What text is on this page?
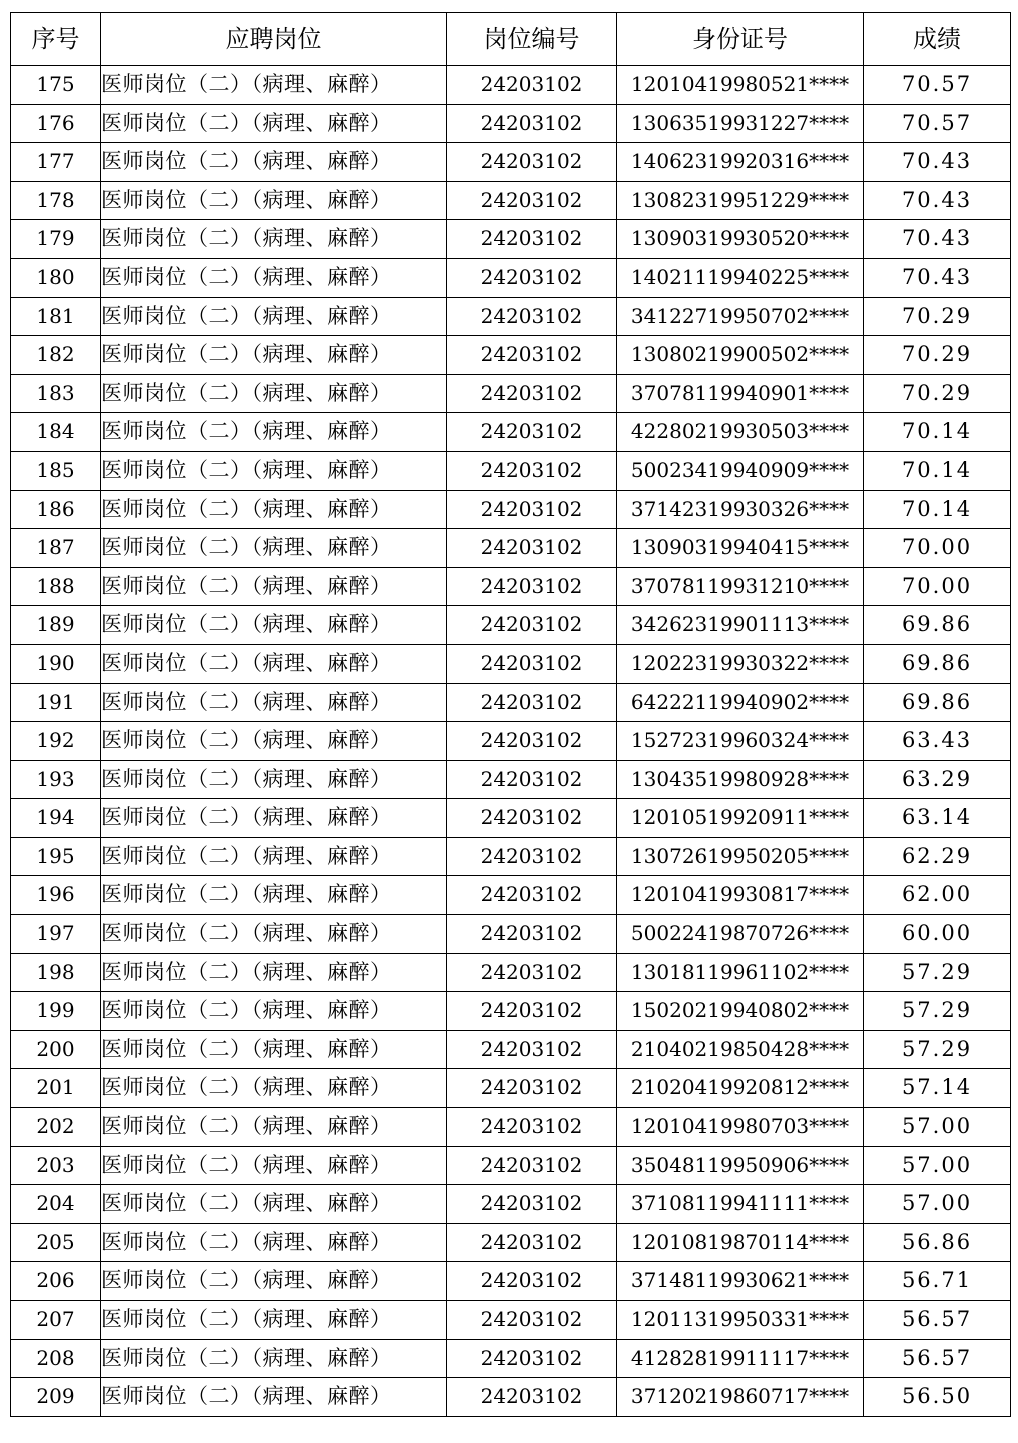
序号	应聘岗位	岗位编号	身份证号	成绩
175	医师岗位（二）（病理、麻醉）	24203102	12010419980521****	70.57
176	医师岗位（二）（病理、麻醉）	24203102	13063519931227****	70.57
177	医师岗位（二）（病理、麻醉）	24203102	14062319920316****	70.43
178	医师岗位（二）（病理、麻醉）	24203102	13082319951229****	70.43
179	医师岗位（二）（病理、麻醉）	24203102	13090319930520****	70.43
180	医师岗位（二）（病理、麻醉）	24203102	14021119940225****	70.43
181	医师岗位（二）（病理、麻醉）	24203102	34122719950702****	70.29
182	医师岗位（二）（病理、麻醉）	24203102	13080219900502****	70.29
183	医师岗位（二）（病理、麻醉）	24203102	37078119940901****	70.29
184	医师岗位（二）（病理、麻醉）	24203102	42280219930503****	70.14
185	医师岗位（二）（病理、麻醉）	24203102	50023419940909****	70.14
186	医师岗位（二）（病理、麻醉）	24203102	37142319930326****	70.14
187	医师岗位（二）（病理、麻醉）	24203102	13090319940415****	70.00
188	医师岗位（二）（病理、麻醉）	24203102	37078119931210****	70.00
189	医师岗位（二）（病理、麻醉）	24203102	34262319901113****	69.86
190	医师岗位（二）（病理、麻醉）	24203102	12022319930322****	69.86
191	医师岗位（二）（病理、麻醉）	24203102	64222119940902****	69.86
192	医师岗位（二）（病理、麻醉）	24203102	15272319960324****	63.43
193	医师岗位（二）（病理、麻醉）	24203102	13043519980928****	63.29
194	医师岗位（二）（病理、麻醉）	24203102	12010519920911****	63.14
195	医师岗位（二）（病理、麻醉）	24203102	13072619950205****	62.29
196	医师岗位（二）（病理、麻醉）	24203102	12010419930817****	62.00
197	医师岗位（二）（病理、麻醉）	24203102	50022419870726****	60.00
198	医师岗位（二）（病理、麻醉）	24203102	13018119961102****	57.29
199	医师岗位（二）（病理、麻醉）	24203102	15020219940802****	57.29
200	医师岗位（二）（病理、麻醉）	24203102	21040219850428****	57.29
201	医师岗位（二）（病理、麻醉）	24203102	21020419920812****	57.14
202	医师岗位（二）（病理、麻醉）	24203102	12010419980703****	57.00
203	医师岗位（二）（病理、麻醉）	24203102	35048119950906****	57.00
204	医师岗位（二）（病理、麻醉）	24203102	37108119941111****	57.00
205	医师岗位（二）（病理、麻醉）	24203102	12010819870114****	56.86
206	医师岗位（二）（病理、麻醉）	24203102	37148119930621****	56.71
207	医师岗位（二）（病理、麻醉）	24203102	12011319950331****	56.57
208	医师岗位（二）（病理、麻醉）	24203102	41282819911117****	56.57
209	医师岗位（二）（病理、麻醉）	24203102	37120219860717****	56.50
